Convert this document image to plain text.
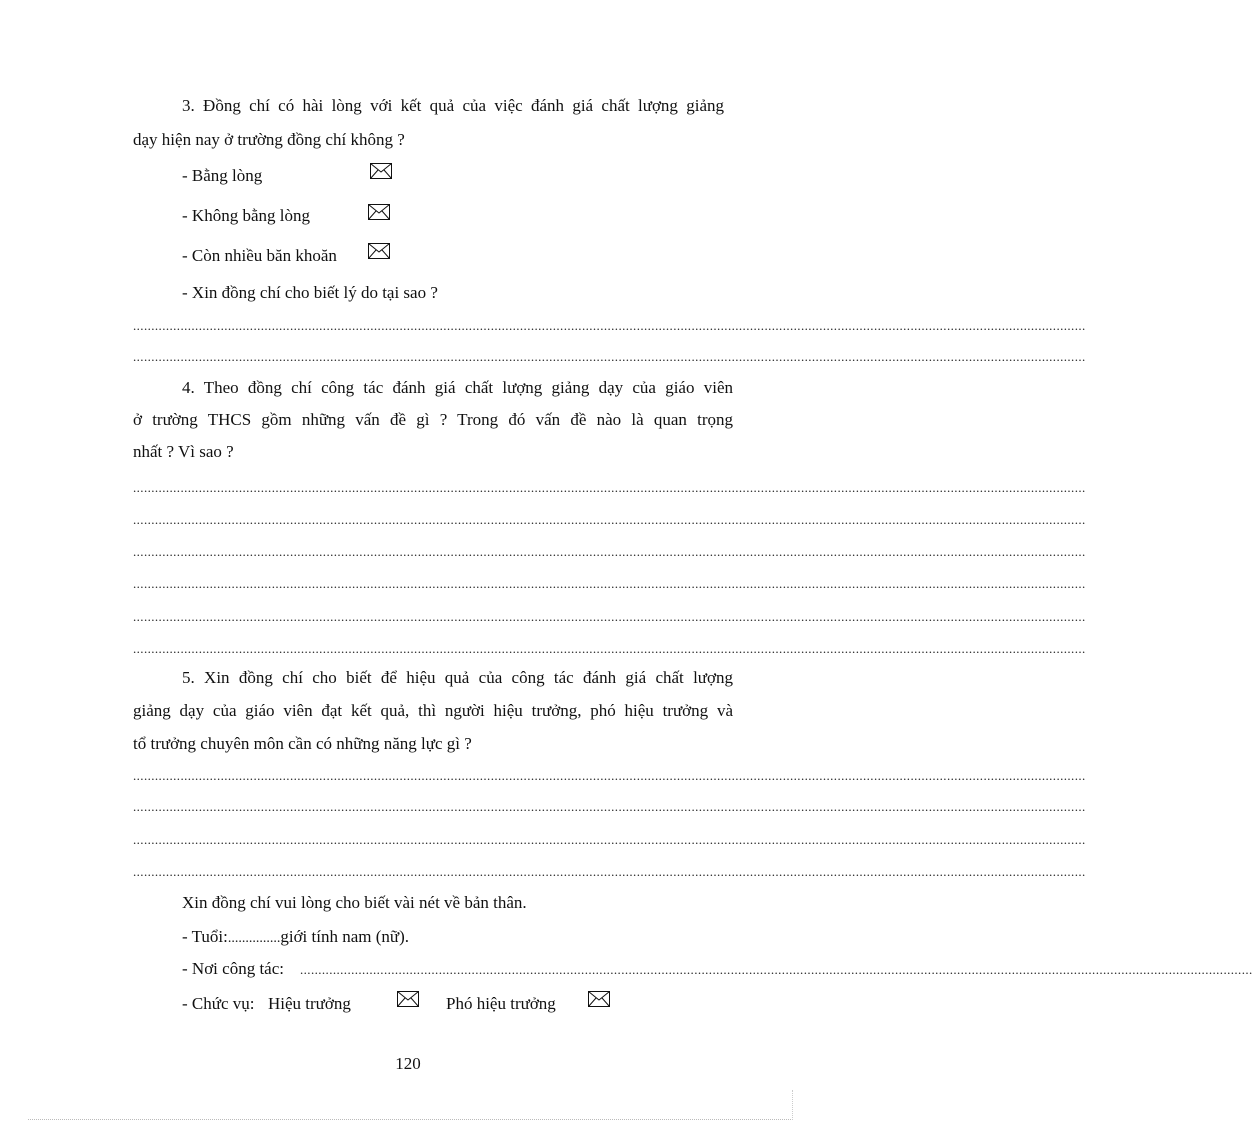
3. Đồng chí có hài lòng với kết quả của việc đánh giá chất lượng giảng
dạy hiện nay ở trường đồng chí không ?
- Bằng lòng
- Không bằng lòng
- Còn nhiều băn khoăn
- Xin đồng chí cho biết lý do tại sao ?
.....................................................................................................................................................................................................................................................................
.....................................................................................................................................................................................................................................................................
4. Theo đồng chí công tác đánh giá chất lượng giảng dạy của giáo viên
ở trường THCS gồm những vấn đề gì ? Trong đó vấn đề nào là quan trọng
nhất ? Vì sao ?
.....................................................................................................................................................................................................................................................................
.....................................................................................................................................................................................................................................................................
.....................................................................................................................................................................................................................................................................
.....................................................................................................................................................................................................................................................................
.....................................................................................................................................................................................................................................................................
.....................................................................................................................................................................................................................................................................
5. Xin đồng chí cho biết để hiệu quả của công tác đánh giá chất lượng
giảng dạy của giáo viên đạt kết quả, thì người hiệu trưởng, phó hiệu trưởng và
tổ trưởng chuyên môn cần có những năng lực gì ?
.....................................................................................................................................................................................................................................................................
.....................................................................................................................................................................................................................................................................
.....................................................................................................................................................................................................................................................................
.....................................................................................................................................................................................................................................................................
Xin đồng chí vui lòng cho biết vài nét về bản thân.
- Tuổi:...............giới tính nam (nữ).
- Nơi công tác: .....................................................................................................................................................................................................................................................................
- Chức vụ: Hiệu trưởng	Phó hiệu trưởng
120
